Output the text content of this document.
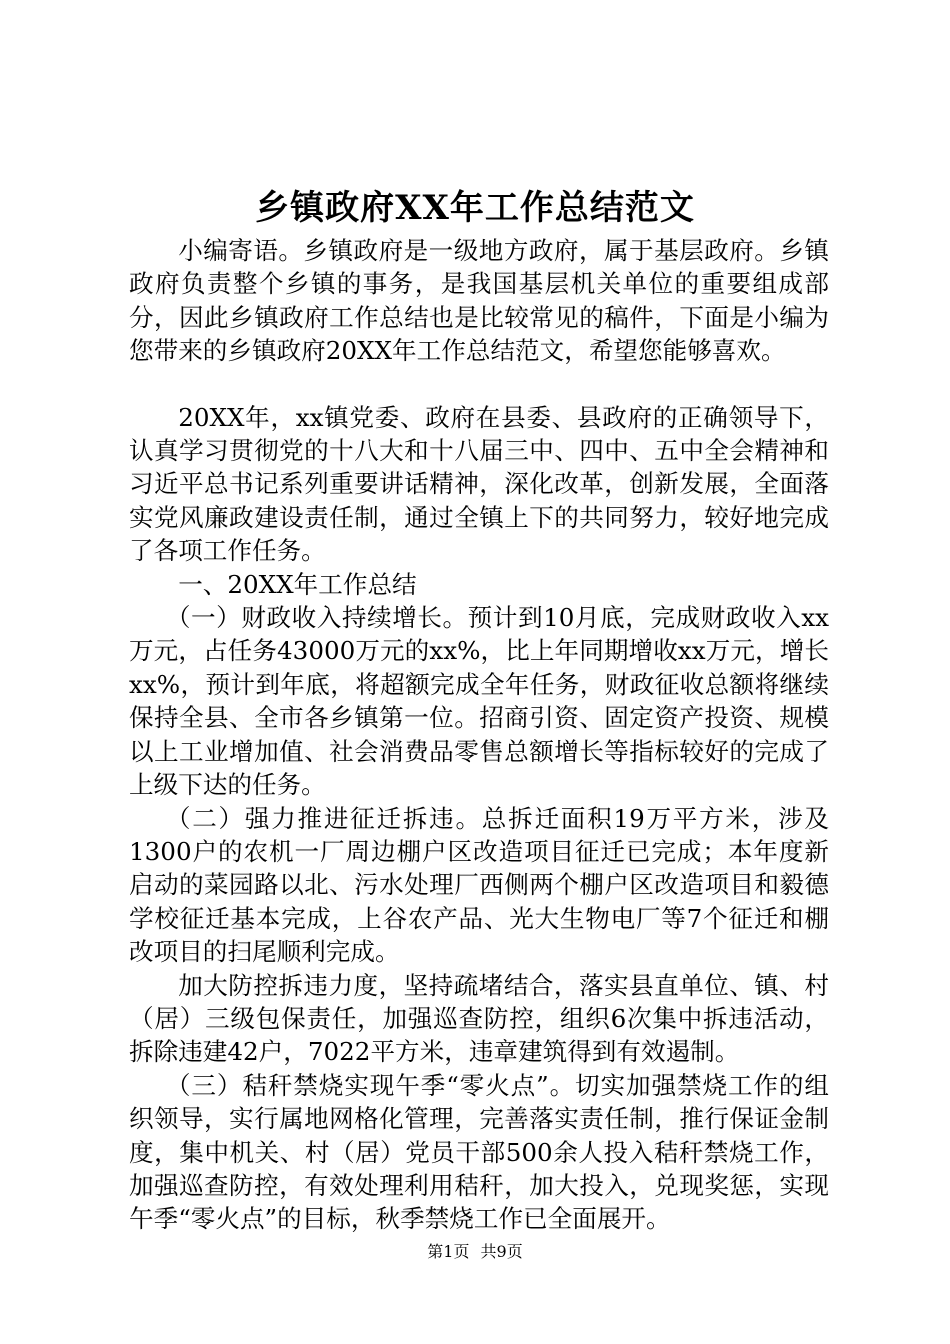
乡镇政府XX年工作总结范文

小编寄语。乡镇政府是一级地方政府，属于基层政府。乡镇政府负责整个乡镇的事务，是我国基层机关单位的重要组成部分，因此乡镇政府工作总结也是比较常见的稿件，下面是小编为您带来的乡镇政府20XX年工作总结范文，希望您能够喜欢。

20XX年，xx镇党委、政府在县委、县政府的正确领导下，认真学习贯彻党的十八大和十八届三中、四中、五中全会精神和习近平总书记系列重要讲话精神，深化改革，创新发展，全面落实党风廉政建设责任制，通过全镇上下的共同努力，较好地完成了各项工作任务。

一、20XX年工作总结

（一）财政收入持续增长。预计到10月底，完成财政收入xx万元，占任务43000万元的xx%，比上年同期增收xx万元，增长xx%，预计到年底，将超额完成全年任务，财政征收总额将继续保持全县、全市各乡镇第一位。招商引资、固定资产投资、规模以上工业增加值、社会消费品零售总额增长等指标较好的完成了上级下达的任务。

（二）强力推进征迁拆违。总拆迁面积19万平方米，涉及1300户的农机一厂周边棚户区改造项目征迁已完成；本年度新启动的菜园路以北、污水处理厂西侧两个棚户区改造项目和毅德学校征迁基本完成，上谷农产品、光大生物电厂等7个征迁和棚改项目的扫尾顺利完成。

加大防控拆违力度，坚持疏堵结合，落实县直单位、镇、村（居）三级包保责任，加强巡查防控，组织6次集中拆违活动，拆除违建42户，7022平方米，违章建筑得到有效遏制。

（三）秸秆禁烧实现午季“零火点”。切实加强禁烧工作的组织领导，实行属地网格化管理，完善落实责任制，推行保证金制度，集中机关、村（居）党员干部500余人投入秸秆禁烧工作，加强巡查防控，有效处理利用秸秆，加大投入，兑现奖惩，实现午季“零火点”的目标，秋季禁烧工作已全面展开。

第1页 共9页
